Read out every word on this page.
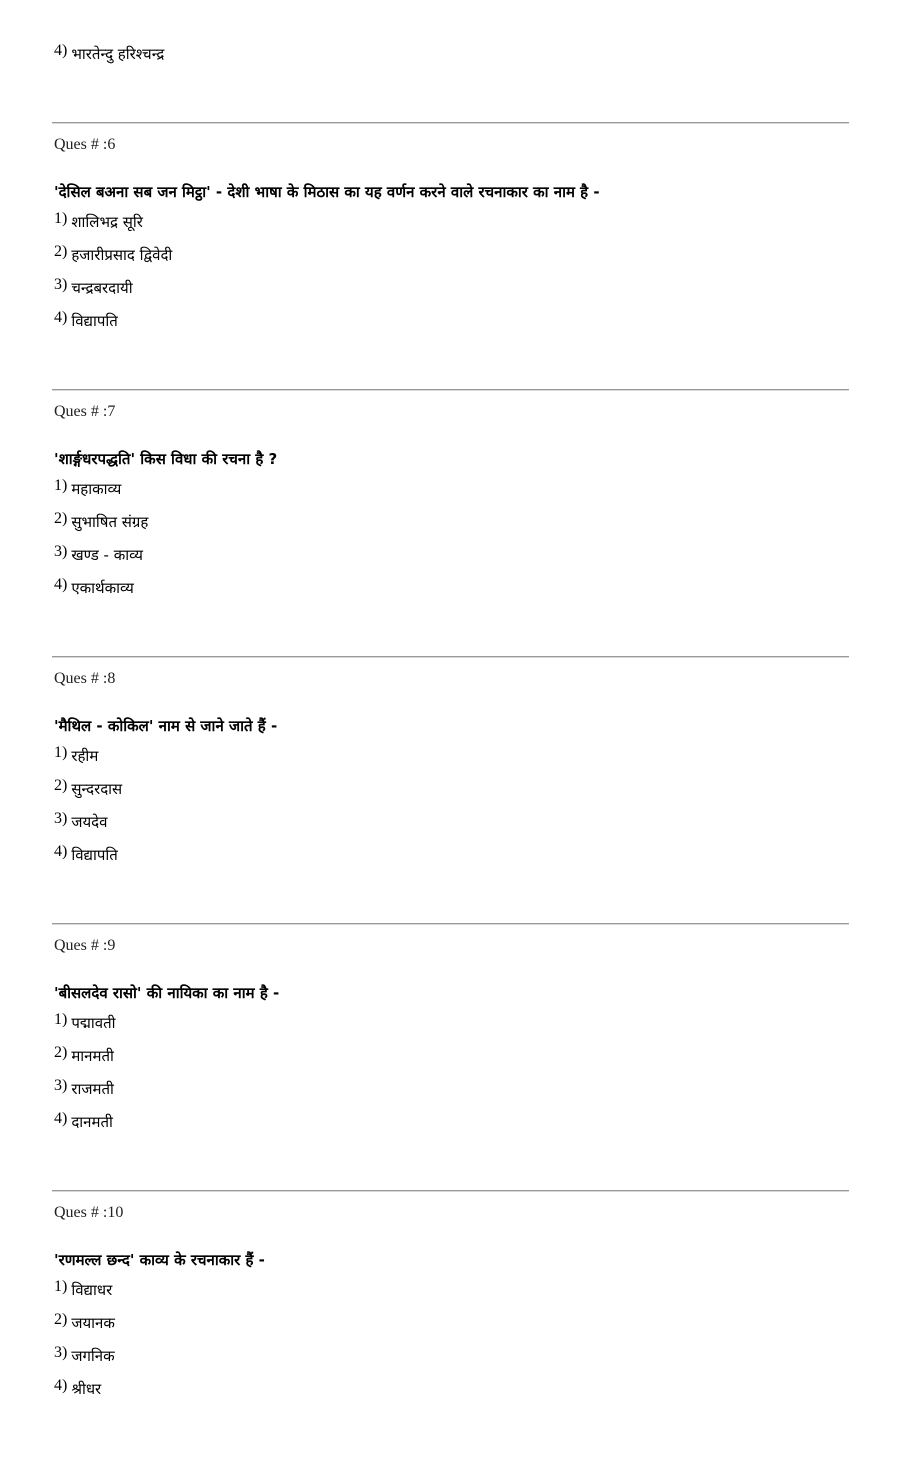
4) भारतेन्दु हरिश्चन्द्र
Ques # :6
'देसिल बअना सब जन मिट्ठा' - देशी भाषा के मिठास का यह वर्णन करने वाले रचनाकार का नाम है -
1) शालिभद्र सूरि
2) हजारीप्रसाद द्विवेदी
3) चन्द्रबरदायी
4) विद्यापति
Ques # :7
'शार्ङ्गधरपद्धति' किस विधा की रचना है ?
1) महाकाव्य
2) सुभाषित संग्रह
3) खण्ड - काव्य
4) एकार्थकाव्य
Ques # :8
'मैथिल - कोकिल' नाम से जाने जाते हैं -
1) रहीम
2) सुन्दरदास
3) जयदेव
4) विद्यापति
Ques # :9
'बीसलदेव रासो' की नायिका का नाम है -
1) पद्मावती
2) मानमती
3) राजमती
4) दानमती
Ques # :10
'रणमल्ल छन्द' काव्य के रचनाकार हैं -
1) विद्याधर
2) जयानक
3) जगनिक
4) श्रीधर
